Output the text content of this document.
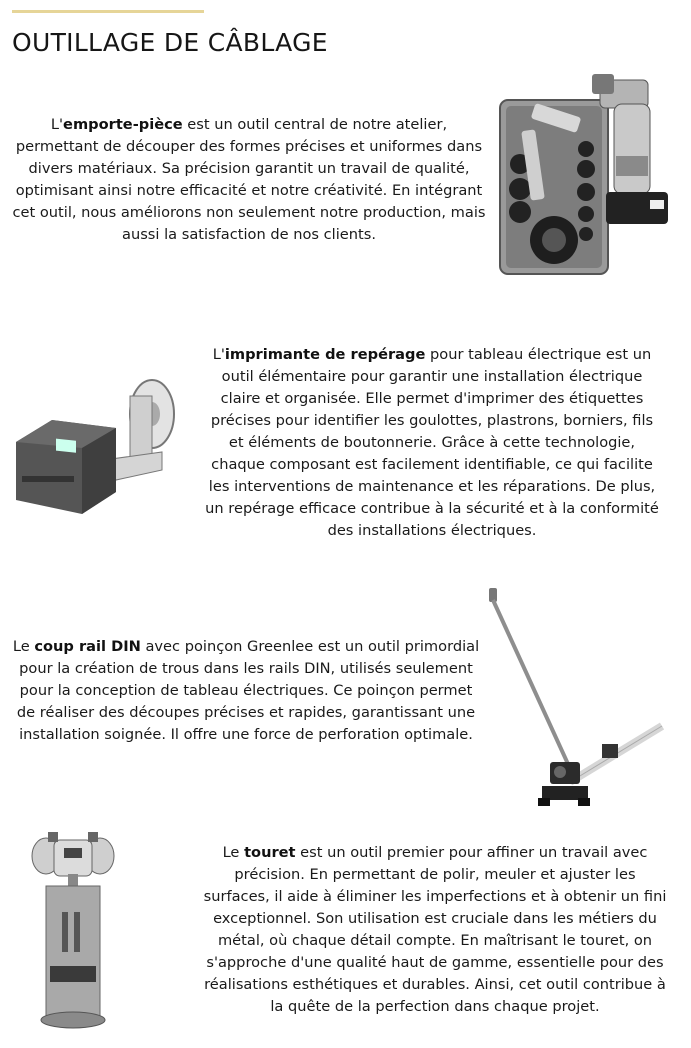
OUTILLAGE DE CÂBLAGE

L'emporte-pièce est un outil central de notre atelier, permettant de découper des formes précises et uniformes dans divers matériaux. Sa précision garantit un travail de qualité, optimisant ainsi notre efficacité et notre créativité. En intégrant cet outil, nous améliorons non seulement notre production, mais aussi la satisfaction de nos clients.

L'imprimante de repérage pour tableau électrique est un outil élémentaire pour garantir une installation électrique claire et organisée. Elle permet d'imprimer des étiquettes précises pour identifier les goulottes, plastrons, borniers, fils et éléments de boutonnerie. Grâce à cette technologie, chaque composant est facilement identifiable, ce qui facilite les interventions de maintenance et les réparations. De plus, un repérage efficace contribue à la sécurité et à la conformité des installations électriques.

Le coup rail DIN avec poinçon Greenlee est un outil primordial pour la création de trous dans les rails DIN, utilisés seulement pour la conception de tableau électriques. Ce poinçon permet de réaliser des découpes précises et rapides, garantissant une installation soignée. Il offre une force de perforation optimale.

Le touret est un outil premier pour affiner un travail avec précision. En permettant de polir, meuler et ajuster les surfaces, il aide à éliminer les imperfections et à obtenir un fini exceptionnel. Son utilisation est cruciale dans les métiers du métal, où chaque détail compte. En maîtrisant le touret, on s'approche d'une qualité haut de gamme, essentielle pour des réalisations esthétiques et durables. Ainsi, cet outil contribue à la quête de la perfection dans chaque projet.
